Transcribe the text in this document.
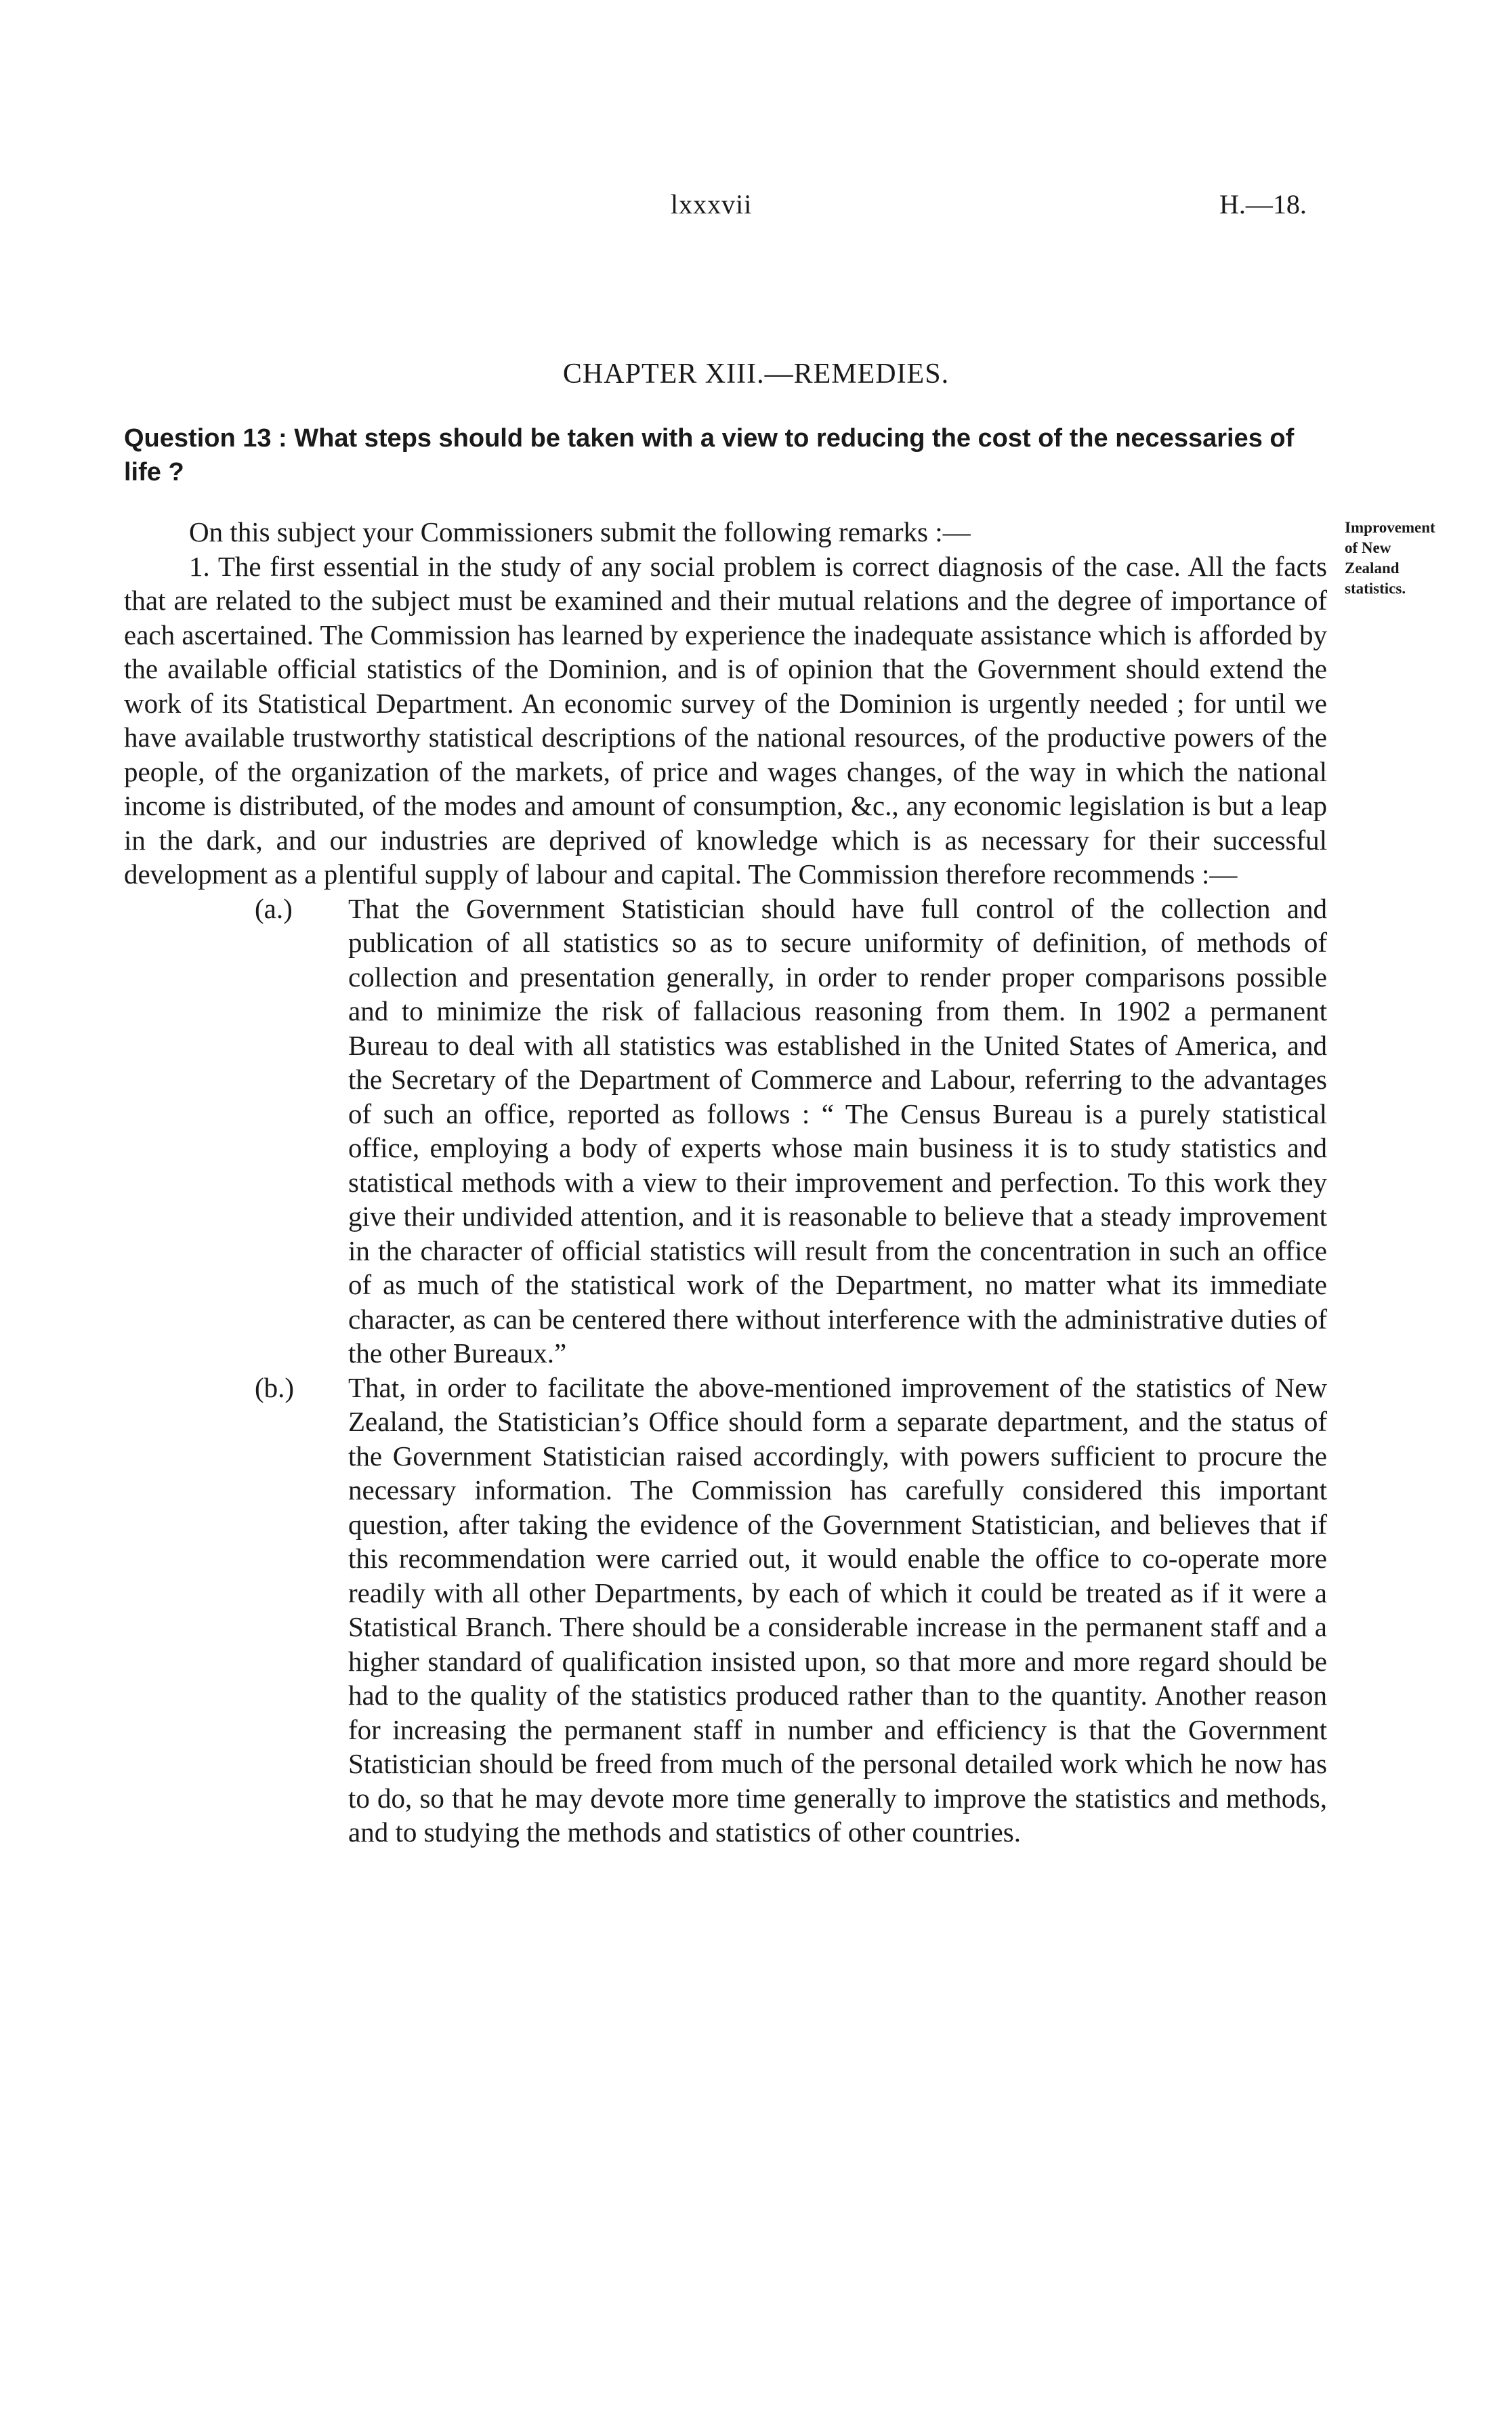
lxxxvii	H.—18.
CHAPTER XIII.—REMEDIES.

Question 13 : What steps should be taken with a view to reducing the cost of the necessaries of life ?

Improvement
of New
Zealand
statistics.

On this subject your Commissioners submit the following remarks :—

1. The first essential in the study of any social problem is correct diagnosis of the case. All the facts that are related to the subject must be examined and their mutual relations and the degree of importance of each ascertained. The Commission has learned by experience the inadequate assistance which is afforded by the available official statistics of the Dominion, and is of opinion that the Government should extend the work of its Statistical Department. An economic survey of the Dominion is urgently needed ; for until we have available trustworthy statistical descriptions of the national resources, of the productive powers of the people, of the organization of the markets, of price and wages changes, of the way in which the national income is distributed, of the modes and amount of consumption, &c., any economic legislation is but a leap in the dark, and our industries are deprived of knowledge which is as necessary for their successful development as a plentiful supply of labour and capital. The Commission therefore recommends :—

(a.) That the Government Statistician should have full control of the collection and publication of all statistics so as to secure uniformity of definition, of methods of collection and presentation generally, in order to render proper comparisons possible and to minimize the risk of fallacious reasoning from them. In 1902 a permanent Bureau to deal with all statistics was established in the United States of America, and the Secretary of the Department of Commerce and Labour, referring to the advantages of such an office, reported as follows : “ The Census Bureau is a purely statistical office, employing a body of experts whose main business it is to study statistics and statistical methods with a view to their improvement and perfection. To this work they give their undivided attention, and it is reasonable to believe that a steady improvement in the character of official statistics will result from the concentration in such an office of as much of the statistical work of the Department, no matter what its immediate character, as can be centered there without interference with the administrative duties of the other Bureaux.”

(b.) That, in order to facilitate the above-mentioned improvement of the statistics of New Zealand, the Statistician’s Office should form a separate department, and the status of the Government Statistician raised accordingly, with powers sufficient to procure the necessary information. The Commission has carefully considered this important question, after taking the evidence of the Government Statistician, and believes that if this recommendation were carried out, it would enable the office to co-operate more readily with all other Departments, by each of which it could be treated as if it were a Statistical Branch. There should be a considerable increase in the permanent staff and a higher standard of qualification insisted upon, so that more and more regard should be had to the quality of the statistics produced rather than to the quantity. Another reason for increasing the permanent staff in number and efficiency is that the Government Statistician should be freed from much of the personal detailed work which he now has to do, so that he may devote more time generally to improve the statistics and methods, and to studying the methods and statistics of other countries.
